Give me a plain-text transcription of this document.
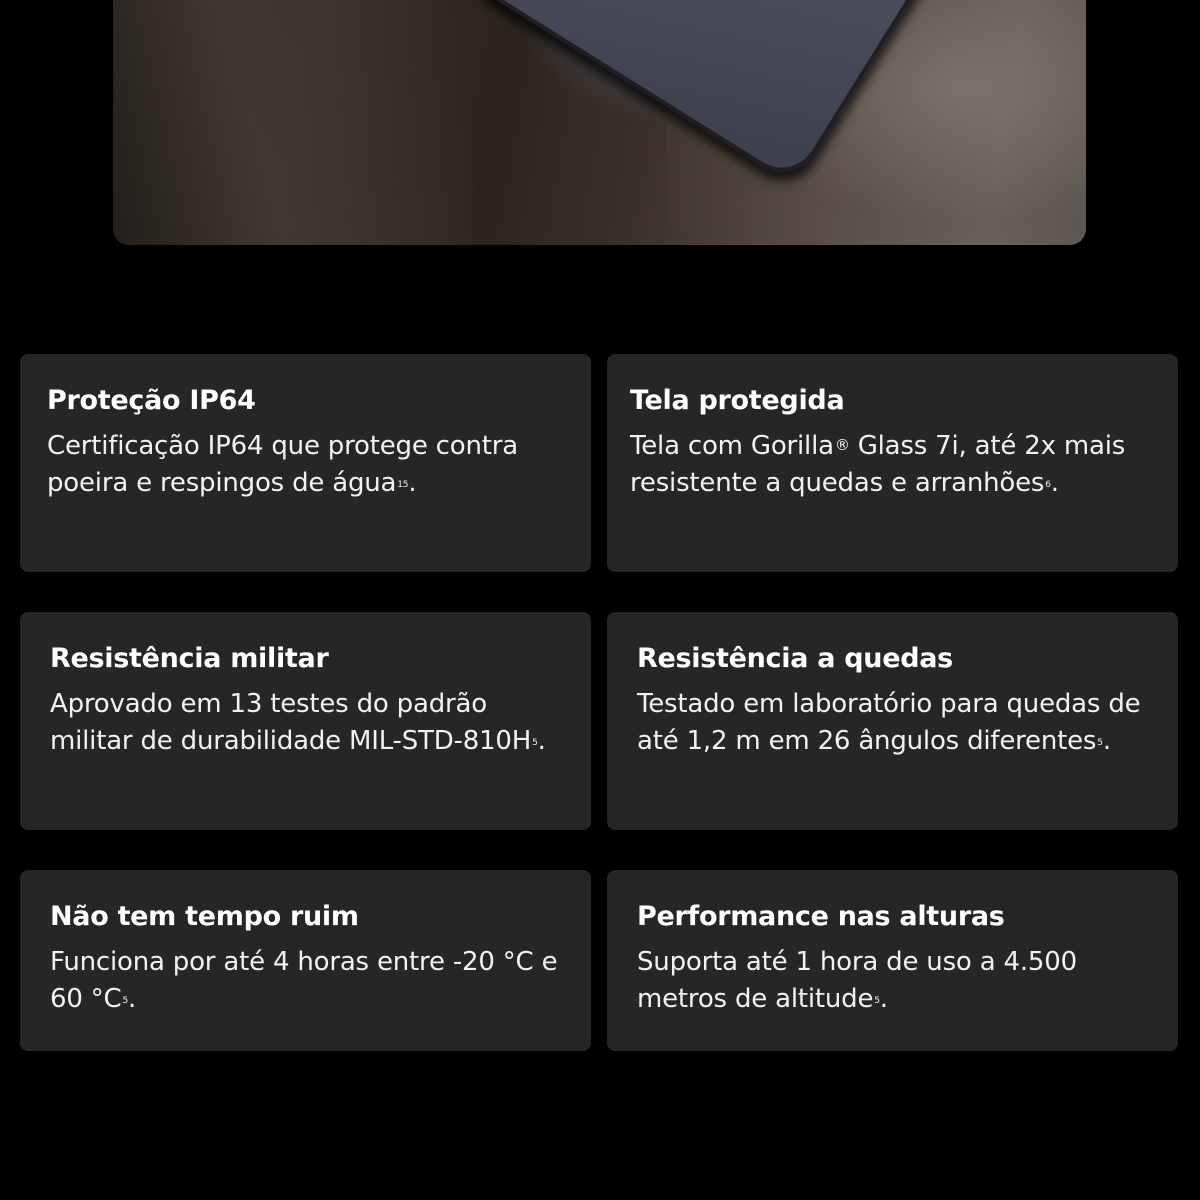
Proteção IP64

Certificação IP64 que protege contra poeira e respingos de água$^{15}$.

Tela protegida

Tela com Gorilla® Glass 7i, até 2x mais resistente a quedas e arranhões$^6$.

Resistência militar

Aprovado em 13 testes do padrão militar de durabilidade MIL-$STD-810H^5$.

Resistência a quedas

Testado em laboratório para quedas de até 1,2 m em 26 ângulos diferentes$^5$.

Não tem tempo ruim

Funciona por até 4 horas entre -20 °C e 60 $^\circ C^5$.

Performance nas alturas

Suporta até 1 hora de uso a 4.500 metros de altitude$^5$.
